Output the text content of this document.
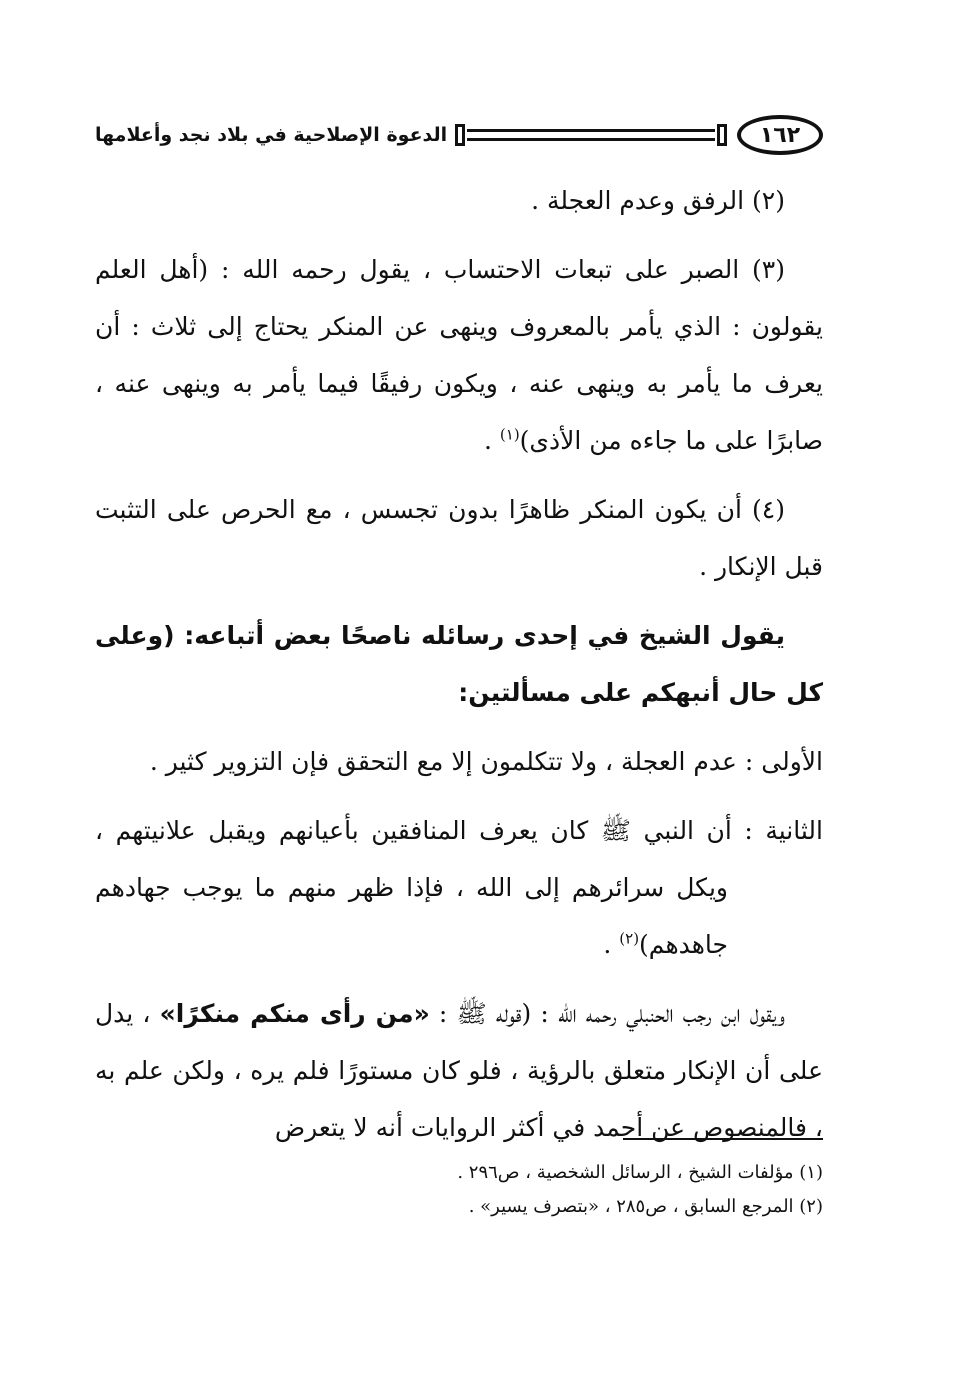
١٦٢
الدعوة الإصلاحية في بلاد نجد وأعلامها

(٢) الرفق وعدم العجلة .

(٣) الصبر على تبعات الاحتساب ، يقول رحمه الله : (أهل العلم يقولون : الذي يأمر بالمعروف وينهى عن المنكر يحتاج إلى ثلاث : أن يعرف ما يأمر به وينهى عنه ، ويكون رفيقًا فيما يأمر به وينهى عنه ، صابرًا على ما جاءه من الأذى)$^{(١)}$ .

(٤) أن يكون المنكر ظاهرًا بدون تجسس ، مع الحرص على التثبت قبل الإنكار .

يقول الشيخ في إحدى رسائله ناصحًا بعض أتباعه: (وعلى كل حال أنبهكم على مسألتين:

الأولى : عدم العجلة ، ولا تتكلمون إلا مع التحقق فإن التزوير كثير .

الثانية : أن النبي ﷺ كان يعرف المنافقين بأعيانهم ويقبل علانيتهم ، ويكل سرائرهم إلى الله ، فإذا ظهر منهم ما يوجب جهادهم جاهدهم)$^{(٢)}$ .

ويقول ابن رجب الحنبلي رحمه الله : (قوله ﷺ : «من رأى منكم منكرًا» ، يدل على أن الإنكار متعلق بالرؤية ، فلو كان مستورًا فلم يره ، ولكن علم به ، فالمنصوص عن أحمد في أكثر الروايات أنه لا يتعرض

(١) مؤلفات الشيخ ، الرسائل الشخصية ، ص٢٩٦ .
(٢) المرجع السابق ، ص٢٨٥ ، «بتصرف يسير» .
